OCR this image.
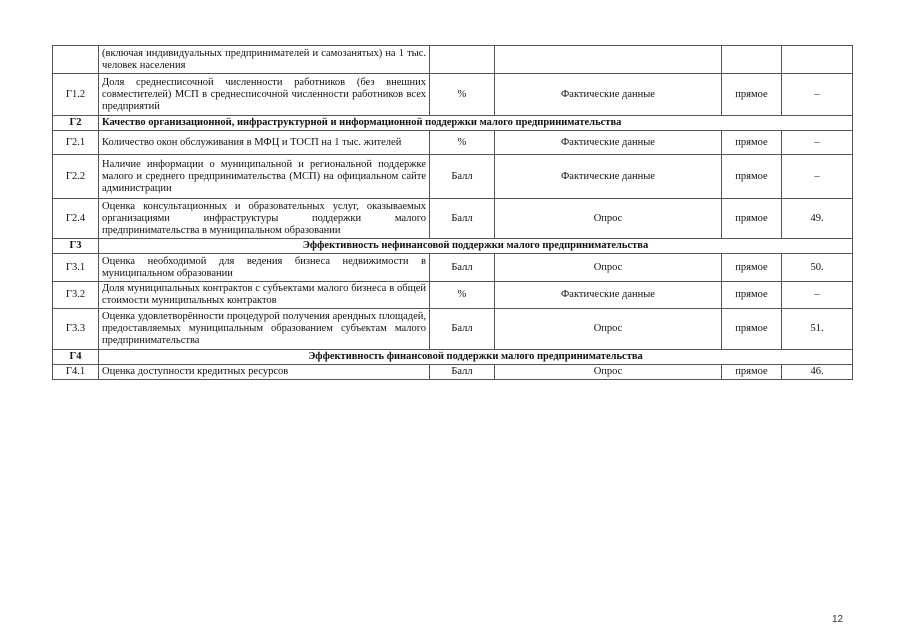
	(включая индивидуальных предпринимателей и самозанятых) на 1 тыс. человек населения				
Г1.2	Доля среднесписочной численности работников (без внешних совместителей) МСП в среднесписочной численности работников всех предприятий	%	Фактические данные	прямое	–
Г2	Качество организационной, инфраструктурной и информационной поддержки малого предпринимательства				
Г2.1	Количество окон обслуживания в МФЦ и ТОСП на 1 тыс. жителей	%	Фактические данные	прямое	–
Г2.2	Наличие информации о муниципальной и региональной поддержке малого и среднего предпринимательства (МСП) на официальном сайте администрации	Балл	Фактические данные	прямое	–
Г2.4	Оценка консультационных и образовательных услуг, оказываемых организациями инфраструктуры поддержки малого предпринимательства в муниципальном образовании	Балл	Опрос	прямое	49.
Г3	Эффективность нефинансовой поддержки малого предпринимательства				
Г3.1	Оценка необходимой для ведения бизнеса недвижимости в муниципальном образовании	Балл	Опрос	прямое	50.
Г3.2	Доля муниципальных контрактов с субъектами малого бизнеса в общей стоимости муниципальных контрактов	%	Фактические данные	прямое	–
Г3.3	Оценка удовлетворённости процедурой получения арендных площадей, предоставляемых муниципальным образованием субъектам малого предпринимательства	Балл	Опрос	прямое	51.
Г4	Эффективность финансовой поддержки малого предпринимательства				
Г4.1	Оценка доступности кредитных ресурсов	Балл	Опрос	прямое	46.
12
